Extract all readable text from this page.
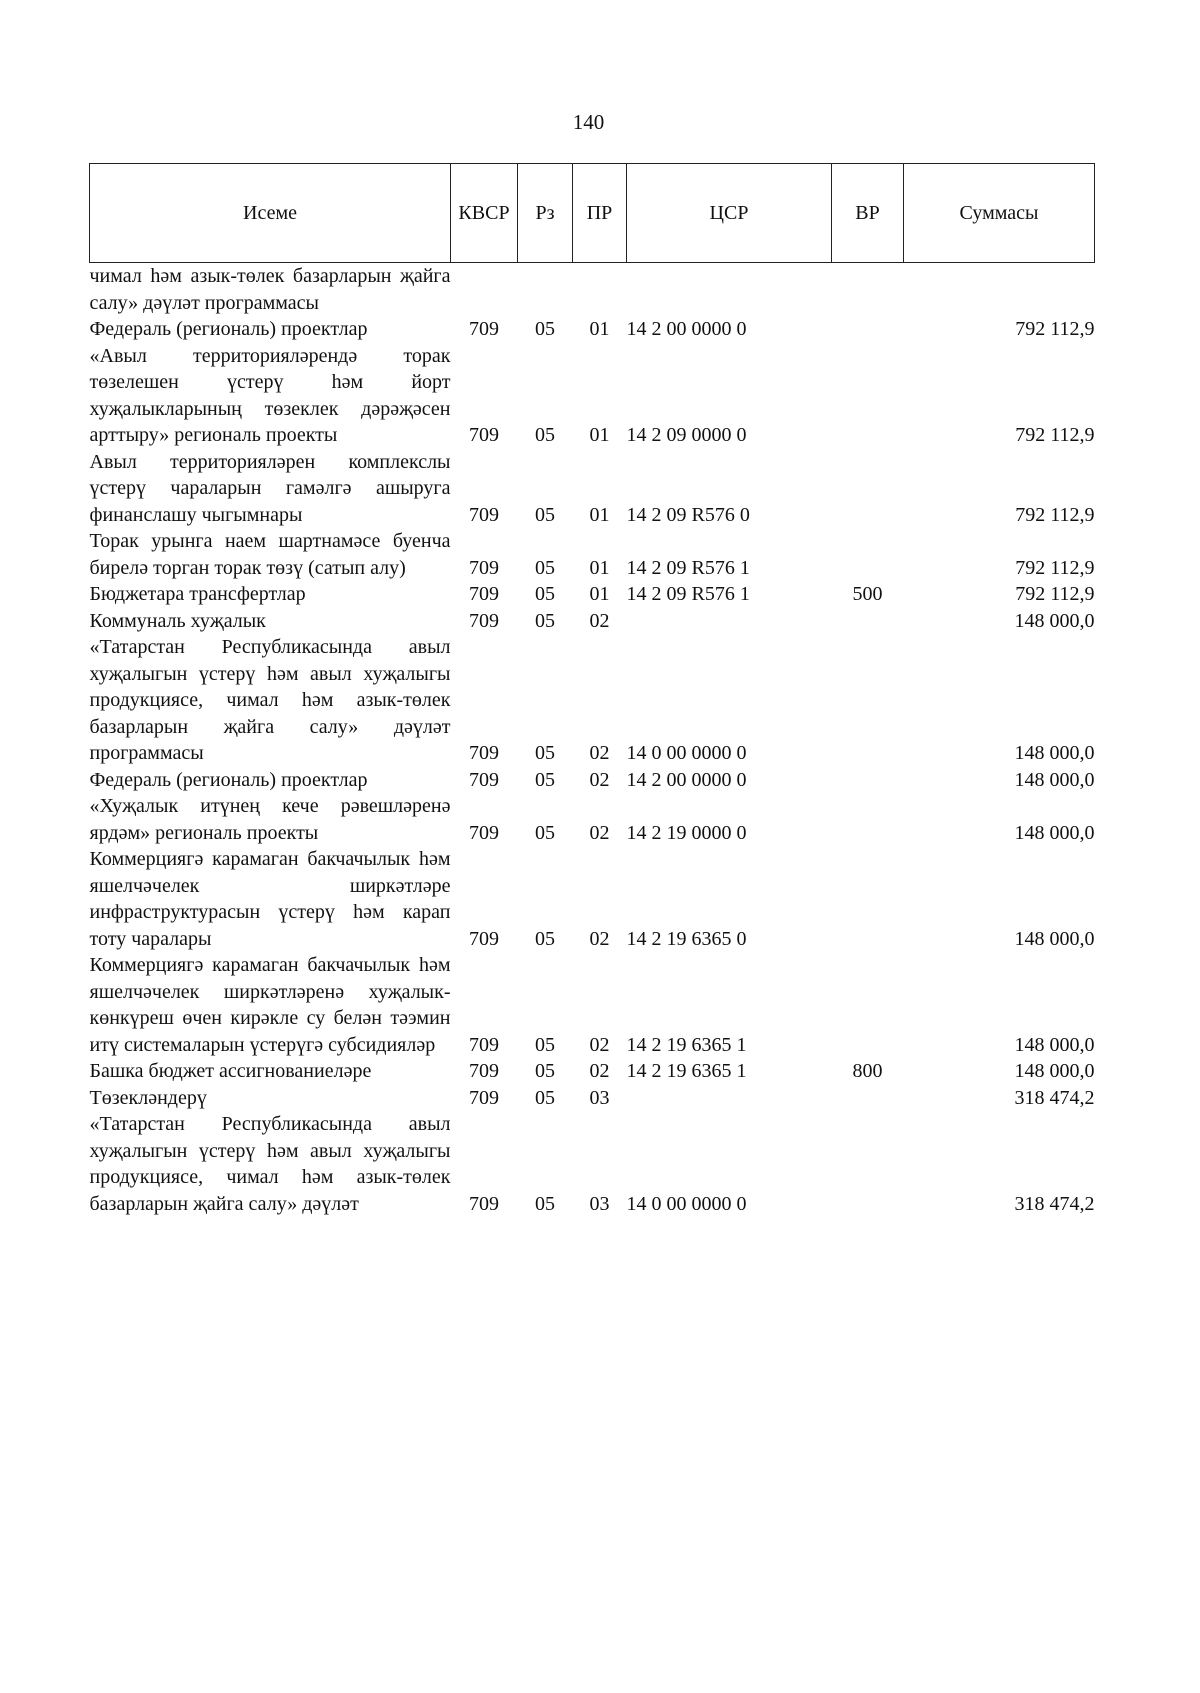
140
Исеме	КВСР	Рз	ПР	ЦСР	ВР	Суммасы
чимал һәм азык-төлек базарларын җайга салу» дәүләт программасы						
Федераль (региональ) проектлар	709	05	01	14 2 00 0000 0		792 112,9
«Авыл территорияләрендә торак төзелешен үстерү һәм йорт хуҗалыкларының төзеклек дәрәҗәсен арттыру» региональ проекты	709	05	01	14 2 09 0000 0		792 112,9
Авыл территорияләрен комплекслы үстерү чараларын гамәлгә ашыруга финанслашу чыгымнары	709	05	01	14 2 09 R576 0		792 112,9
Торак урынга наем шартнамәсе буенча бирелә торган торак төзү (сатып алу)	709	05	01	14 2 09 R576 1		792 112,9
Бюджетара трансфертлар	709	05	01	14 2 09 R576 1	500	792 112,9
Коммуналь хуҗалык	709	05	02			148 000,0
«Татарстан Республикасында авыл хуҗалыгын үстерү һәм авыл хуҗалыгы продукциясе, чимал һәм азык-төлек базарларын җайга салу» дәүләт программасы	709	05	02	14 0 00 0000 0		148 000,0
Федераль (региональ) проектлар	709	05	02	14 2 00 0000 0		148 000,0
«Хуҗалык итүнең кече рәвешләренә ярдәм» региональ проекты	709	05	02	14 2 19 0000 0		148 000,0
Коммерциягә карамаган бакчачылык һәм яшелчәчелек ширкәтләре инфраструктурасын үстерү һәм карап тоту чаралары	709	05	02	14 2 19 6365 0		148 000,0
Коммерциягә карамаган бакчачылык һәм яшелчәчелек ширкәтләренә хуҗалык-көнкүреш өчен кирәкле су белән тәэмин итү системаларын үстерүгә субсидияләр	709	05	02	14 2 19 6365 1		148 000,0
Башка бюджет ассигнованиеләре	709	05	02	14 2 19 6365 1	800	148 000,0
Төзекләндерү	709	05	03			318 474,2
«Татарстан Республикасында авыл хуҗалыгын үстерү һәм авыл хуҗалыгы продукциясе, чимал һәм азык-төлек базарларын җайга салу» дәүләт	709	05	03	14 0 00 0000 0		318 474,2
